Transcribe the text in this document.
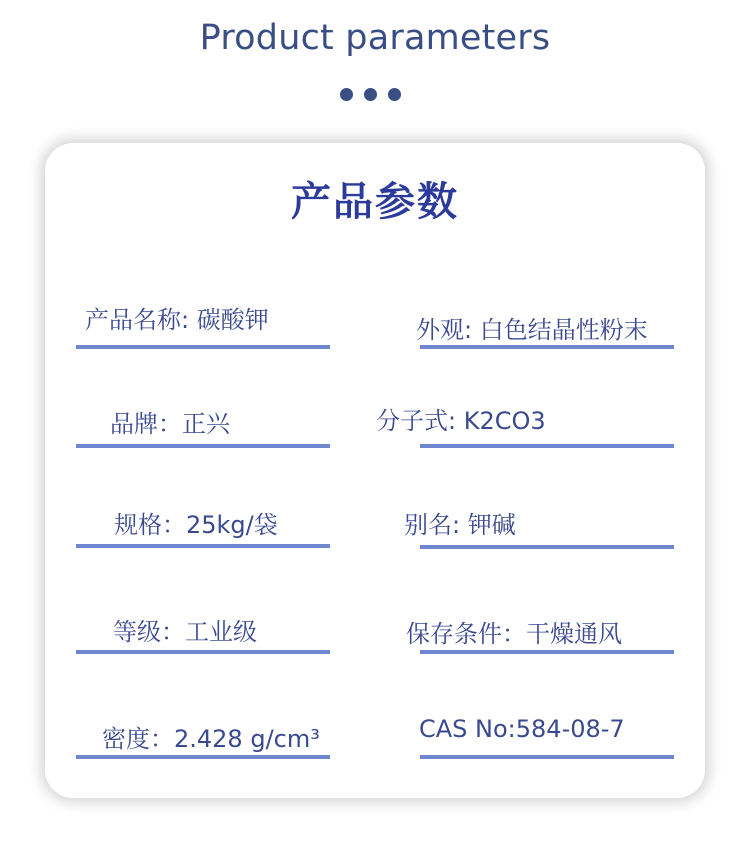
Product parameters
产品参数
产品名称: 碳酸钾	外观: 白色结晶性粉末
品牌：正兴	分子式: K2CO3
规格：25kg/袋	别名: 钾碱
等级：工业级	保存条件：干燥通风
密度：2.428 g/cm³	CAS No:584-08-7
